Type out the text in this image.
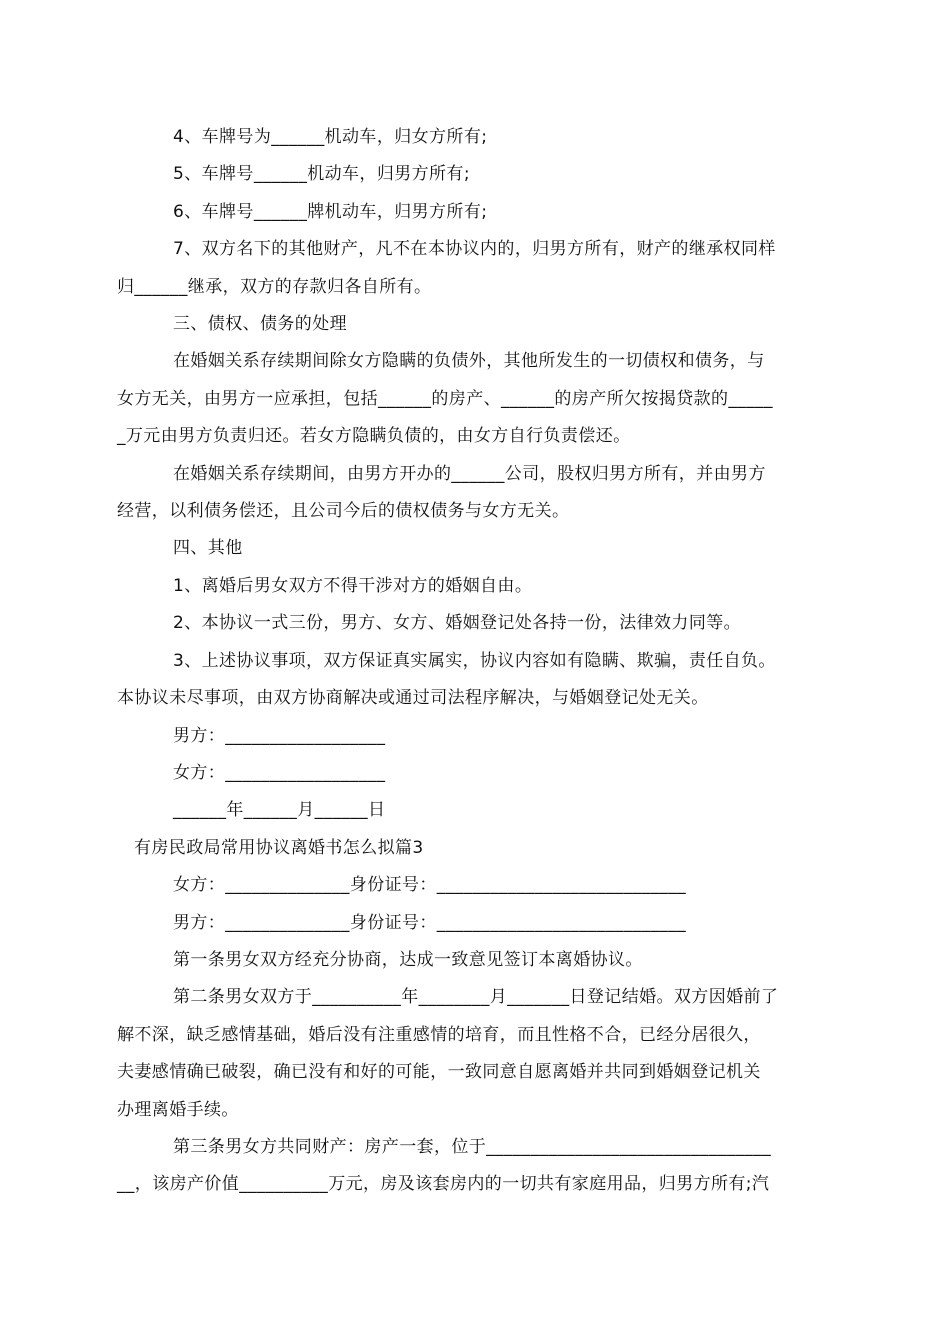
4、车牌号为______机动车，归女方所有;

5、车牌号______机动车，归男方所有;

6、车牌号______牌机动车，归男方所有;

7、双方名下的其他财产，凡不在本协议内的，归男方所有，财产的继承权同样

归______继承，双方的存款归各自所有。

三、债权、债务的处理

在婚姻关系存续期间除女方隐瞒的负债外，其他所发生的一切债权和债务，与

女方无关，由男方一应承担，包括______的房产、______的房产所欠按揭贷款的_____

_万元由男方负责归还。若女方隐瞒负债的，由女方自行负责偿还。

在婚姻关系存续期间，由男方开办的______公司，股权归男方所有，并由男方

经营，以利债务偿还，且公司今后的债权债务与女方无关。

四、其他

1、离婚后男女双方不得干涉对方的婚姻自由。

2、本协议一式三份，男方、女方、婚姻登记处各持一份，法律效力同等。

3、上述协议事项，双方保证真实属实，协议内容如有隐瞒、欺骗，责任自负。

本协议未尽事项，由双方协商解决或通过司法程序解决，与婚姻登记处无关。

男方：__________________

女方：__________________

______年______月______日

有房民政局常用协议离婚书怎么拟篇3

女方：______________身份证号：____________________________

男方：______________身份证号：____________________________

第一条男女双方经充分协商，达成一致意见签订本离婚协议。

第二条男女双方于__________年________月_______日登记结婚。双方因婚前了

解不深，缺乏感情基础，婚后没有注重感情的培育，而且性格不合，已经分居很久，

夫妻感情确已破裂，确已没有和好的可能，一致同意自愿离婚并共同到婚姻登记机关

办理离婚手续。

第三条男女方共同财产：房产一套，位于________________________________

__，该房产价值__________万元，房及该套房内的一切共有家庭用品，归男方所有;汽
